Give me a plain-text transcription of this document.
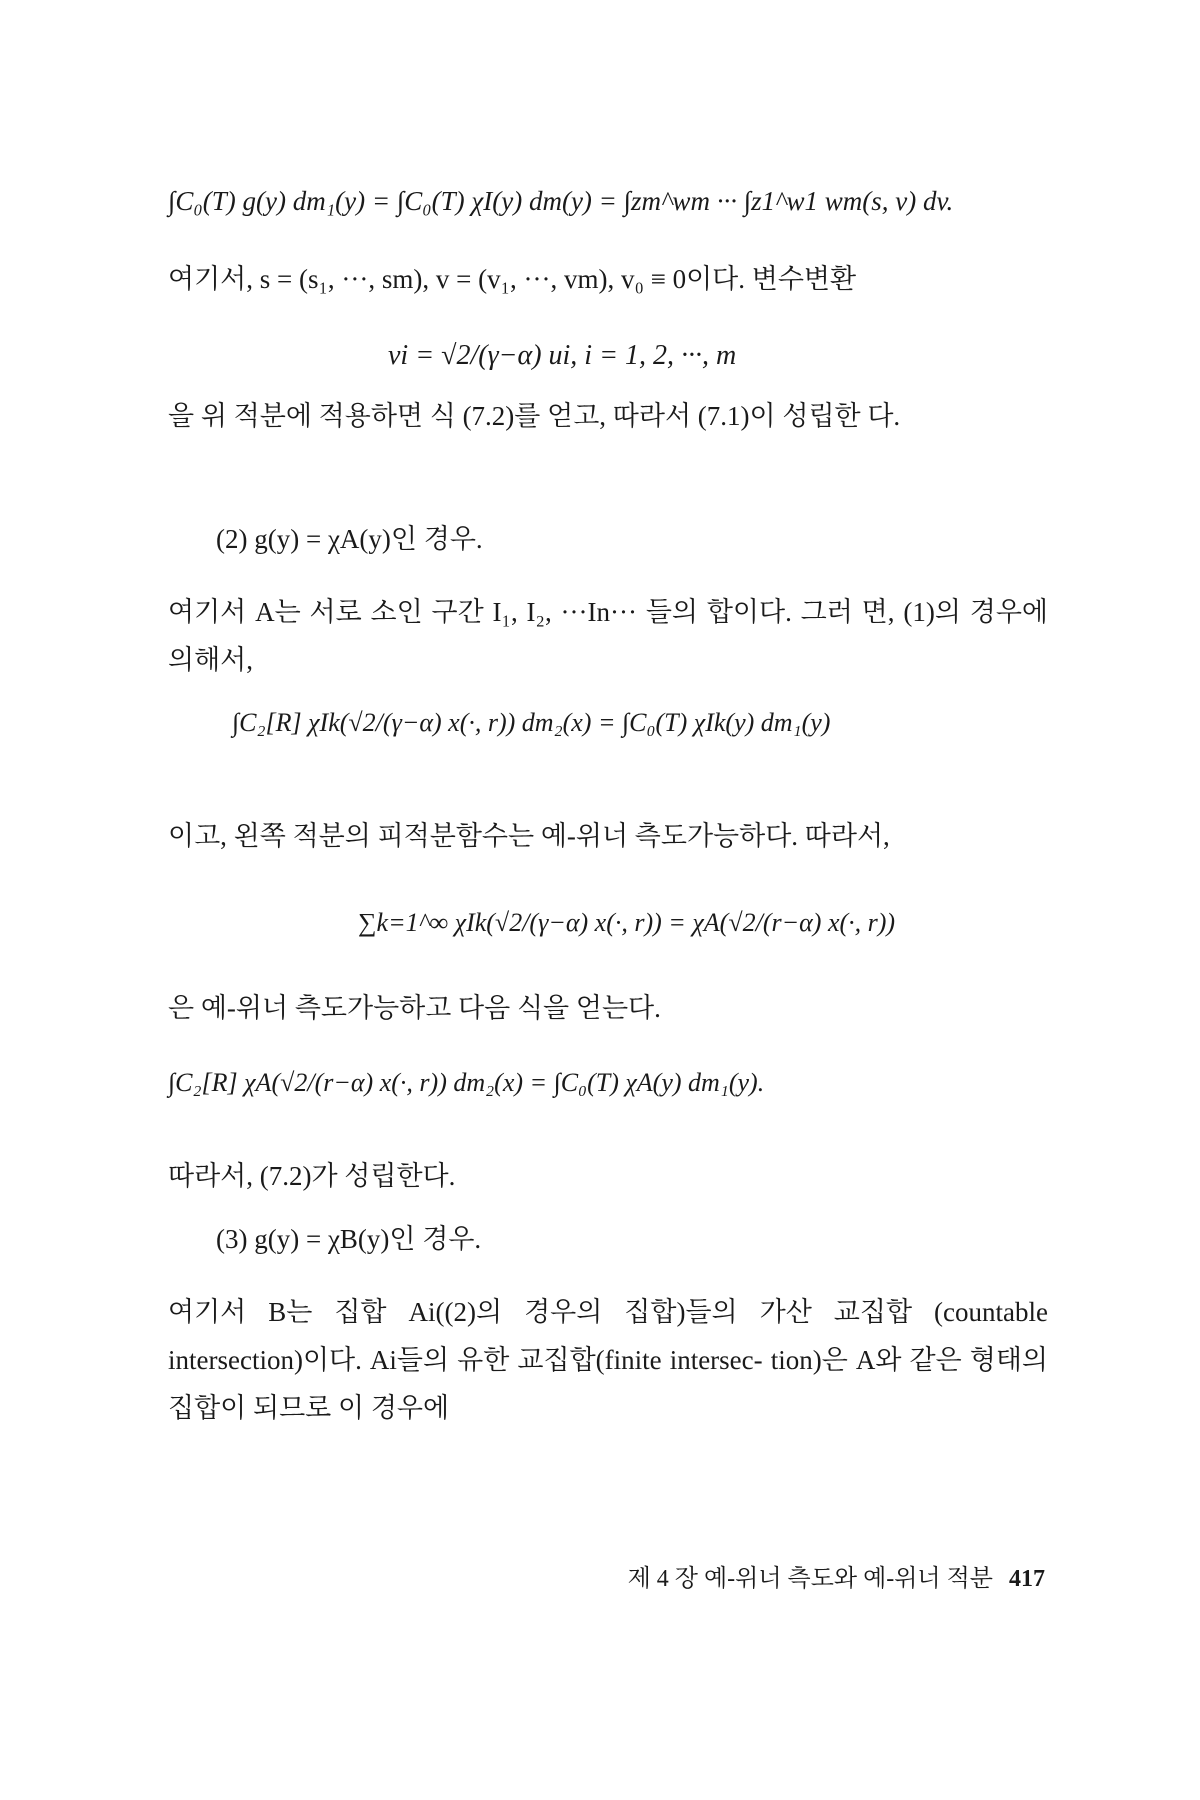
∫C₀(T) g(y) dm₁(y) = ∫C₀(T) χI(y) dm(y) = ∫zm^wm ··· ∫z1^w1 wm(s, v) dv.
여기서, s = (s₁, ···, sm), v = (v₁, ···, vm), v₀ ≡ 0이다. 변수변환
vi = √2/(γ−α) ui, i = 1, 2, ···, m
을 위 적분에 적용하면 식 (7.2)를 얻고, 따라서 (7.1)이 성립한 다.
(2) g(y) = χA(y)인 경우.
여기서 A는 서로 소인 구간 I₁, I₂, ···In··· 들의 합이다. 그러 면, (1)의 경우에 의해서,
∫C₂[R] χIk(√2/(γ−α) x(·, r)) dm₂(x) = ∫C₀(T) χIk(y) dm₁(y)
이고, 왼쪽 적분의 피적분함수는 예-위너 측도가능하다. 따라서,
∑k=1^∞ χIk(√2/(γ−α) x(·, r)) = χA(√2/(r−α) x(·, r))
은 예-위너 측도가능하고 다음 식을 얻는다.
∫C₂[R] χA(√2/(r−α) x(·, r)) dm₂(x) = ∫C₀(T) χA(y) dm₁(y).
따라서, (7.2)가 성립한다.
(3) g(y) = χB(y)인 경우.
여기서 B는 집합 Ai((2)의 경우의 집합)들의 가산 교집합 (countable intersection)이다. Ai들의 유한 교집합(finite intersec- tion)은 A와 같은 형태의 집합이 되므로 이 경우에
제 4 장 예-위너 측도와 예-위너 적분 417
